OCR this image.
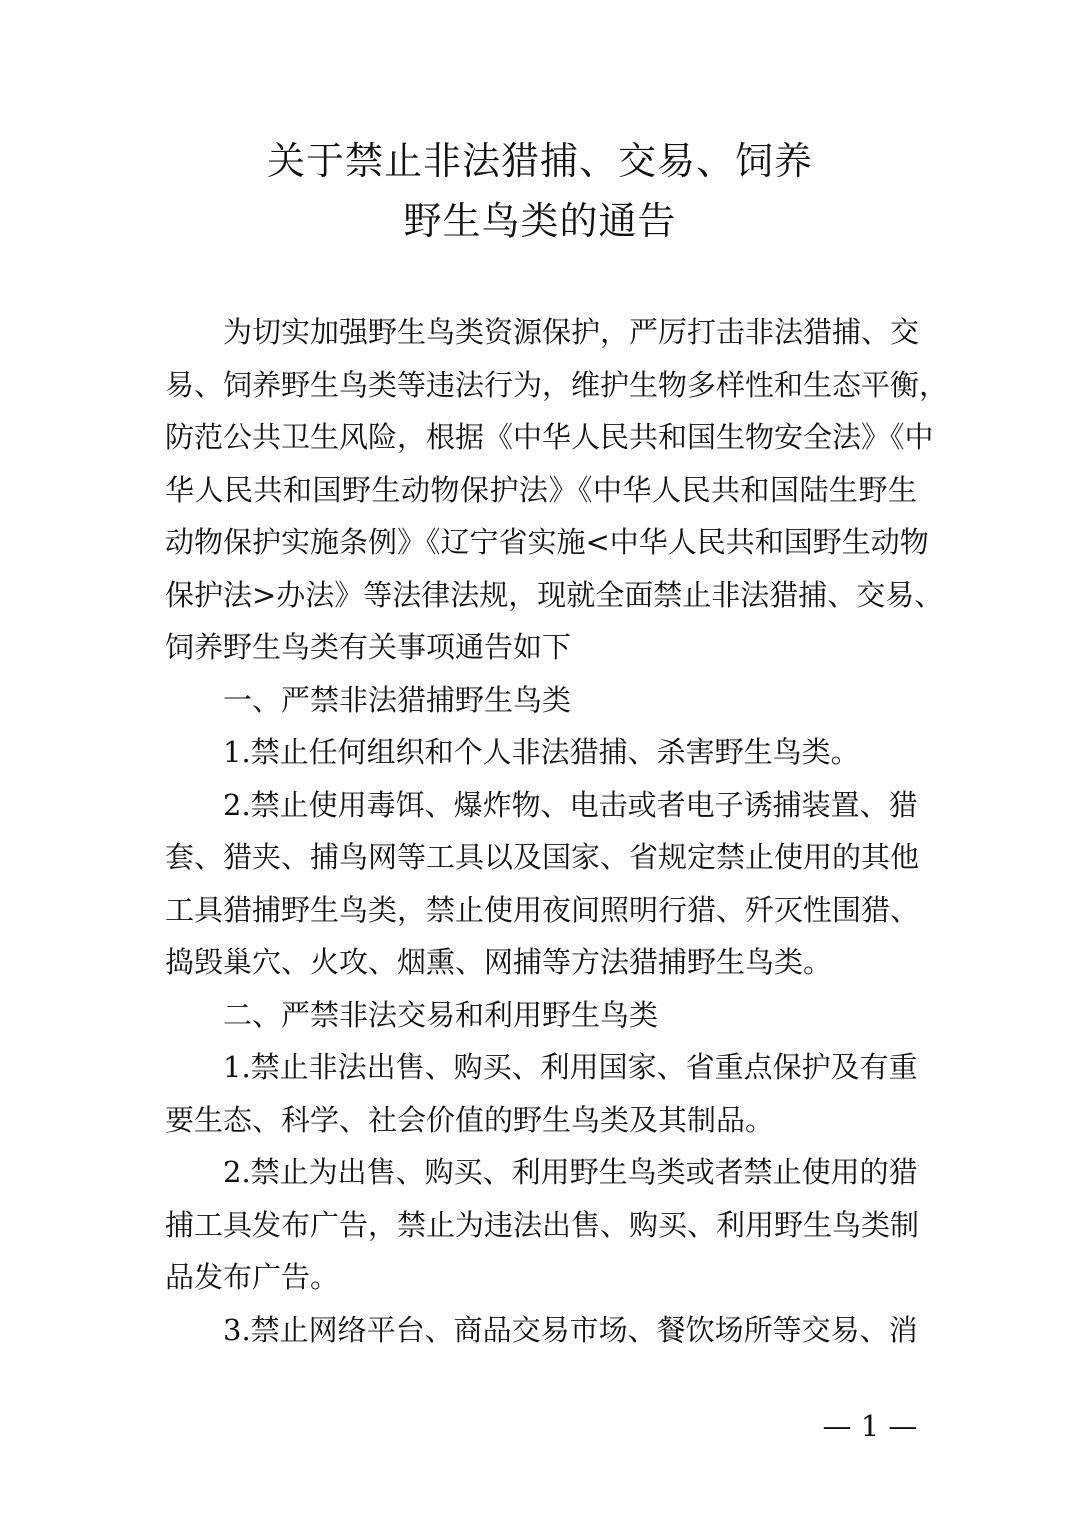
关于禁止非法猎捕、交易、饲养
野生鸟类的通告
为切实加强野生鸟类资源保护，严厉打击非法猎捕、交
易、饲养野生鸟类等违法行为，维护生物多样性和生态平衡，
防范公共卫生风险，根据《中华人民共和国生物安全法》《中
华人民共和国野生动物保护法》《中华人民共和国陆生野生
动物保护实施条例》《辽宁省实施<中华人民共和国野生动物
保护法>办法》等法律法规，现就全面禁止非法猎捕、交易、
饲养野生鸟类有关事项通告如下
一、严禁非法猎捕野生鸟类
1.禁止任何组织和个人非法猎捕、杀害野生鸟类。
2.禁止使用毒饵、爆炸物、电击或者电子诱捕装置、猎
套、猎夹、捕鸟网等工具以及国家、省规定禁止使用的其他
工具猎捕野生鸟类，禁止使用夜间照明行猎、歼灭性围猎、
捣毁巢穴、火攻、烟熏、网捕等方法猎捕野生鸟类。
二、严禁非法交易和利用野生鸟类
1.禁止非法出售、购买、利用国家、省重点保护及有重
要生态、科学、社会价值的野生鸟类及其制品。
2.禁止为出售、购买、利用野生鸟类或者禁止使用的猎
捕工具发布广告，禁止为违法出售、购买、利用野生鸟类制
品发布广告。
3.禁止网络平台、商品交易市场、餐饮场所等交易、消
— 1 —
